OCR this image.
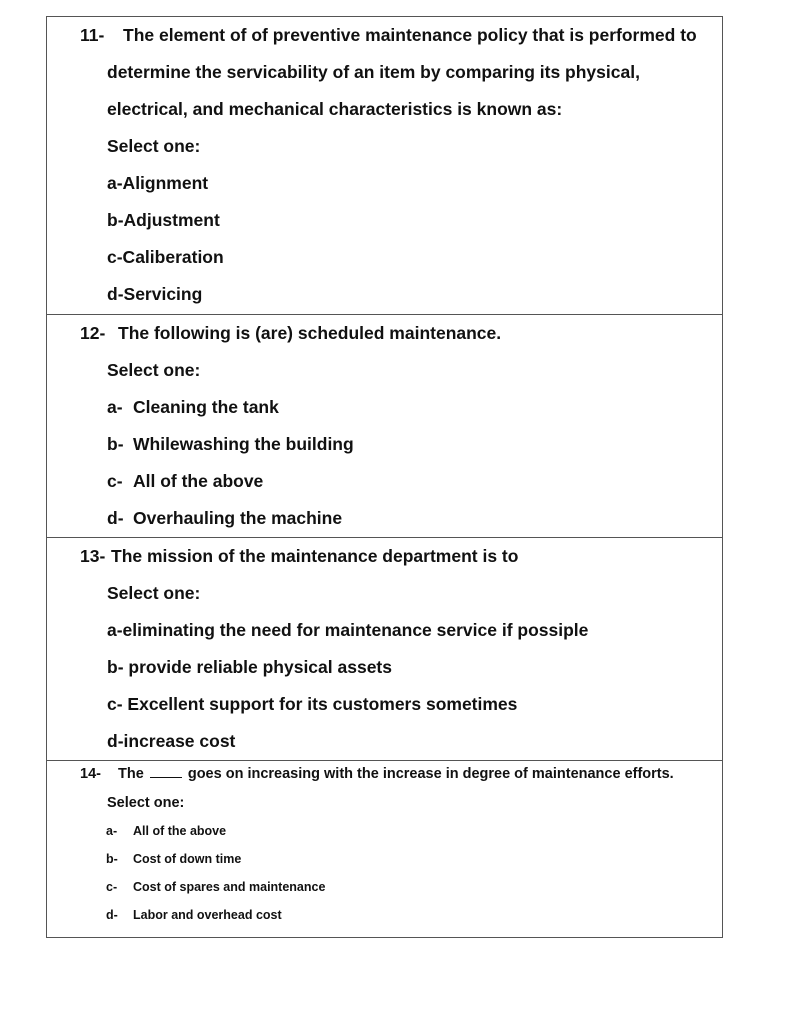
11-	The element of of preventive maintenance policy that is performed to
determine the servicability of an item by comparing its physical,
electrical, and mechanical characteristics is known as:
Select one:
a-Alignment
b-Adjustment
c-Caliberation
d-Servicing
12- The following is (are) scheduled maintenance.
Select one:
a- Cleaning the tank
b- Whilewashing the building
c- All of the above
d- Overhauling the machine
13- The mission of the maintenance department is to
Select one:
a-eliminating the need for maintenance service if possiple
b- provide reliable physical assets
c- Excellent support for its customers sometimes
d-increase cost
14- The	goes on increasing with the increase in degree of maintenance efforts.
Select one:
a- All of the above
b- Cost of down time
c- Cost of spares and maintenance
d- Labor and overhead cost
